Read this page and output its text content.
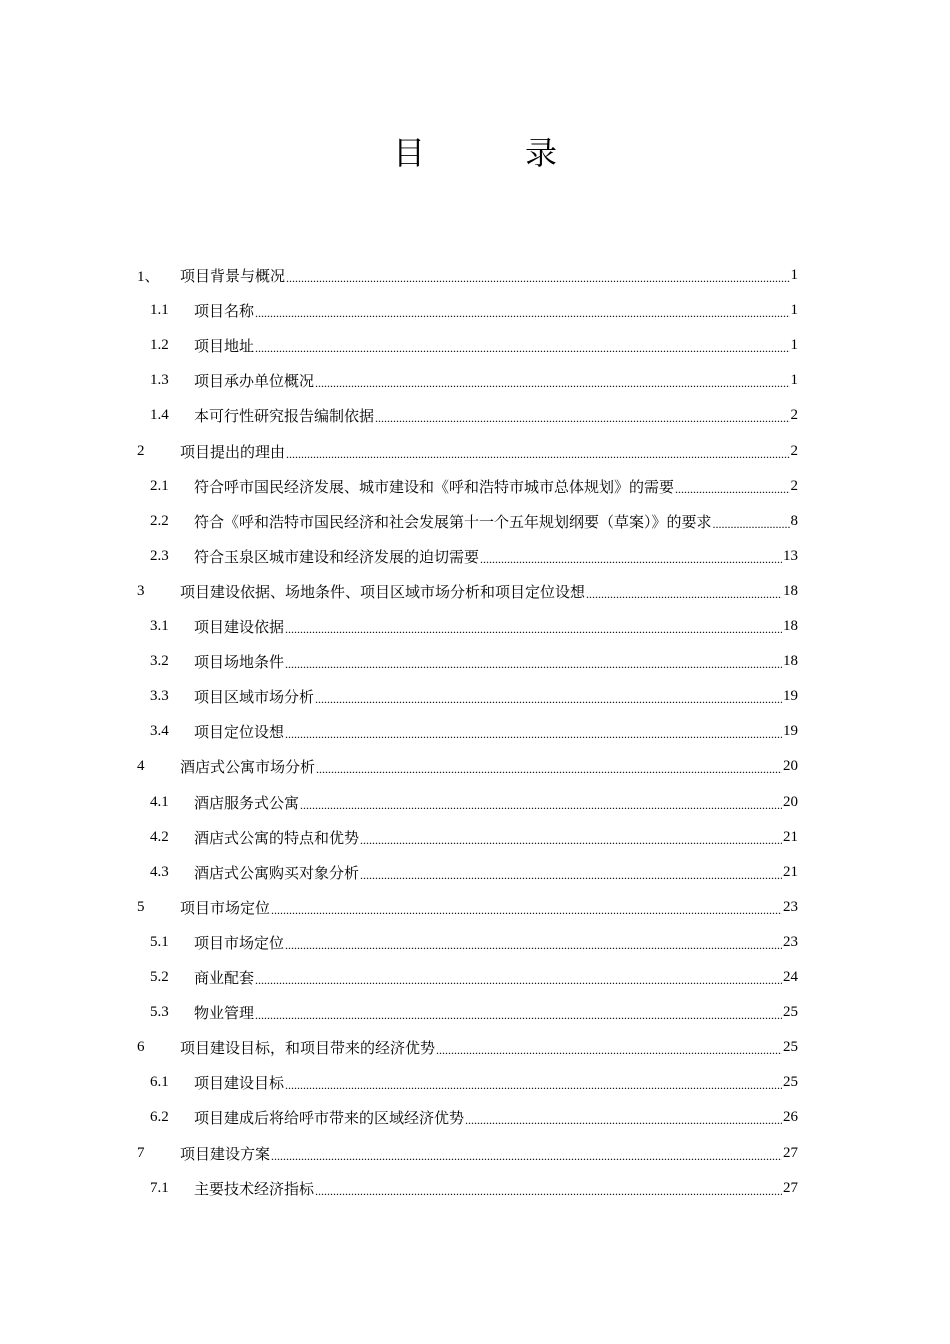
目	录
1、	项目背景与概况 .....	1
1.1	项目名称 .....	1
1.2	项目地址 .....	1
1.3	项目承办单位概况 .....	1
1.4	本可行性研究报告编制依据 .....	2
2	项目提出的理由 .....	2
2.1	符合呼市国民经济发展、城市建设和《呼和浩特市城市总体规划》的需要 .....	2
2.2	符合《呼和浩特市国民经济和社会发展第十一个五年规划纲要（草案）》的要求 .....	8
2.3	符合玉泉区城市建设和经济发展的迫切需要 .....	13
3	项目建设依据、场地条件、项目区域市场分析和项目定位设想 .....	18
3.1	项目建设依据 .....	18
3.2	项目场地条件 .....	18
3.3	项目区域市场分析 .....	19
3.4	项目定位设想 .....	19
4	酒店式公寓市场分析 .....	20
4.1	酒店服务式公寓 .....	20
4.2	酒店式公寓的特点和优势 .....	21
4.3	酒店式公寓购买对象分析 .....	21
5	项目市场定位 .....	23
5.1	项目市场定位 .....	23
5.2	商业配套 .....	24
5.3	物业管理 .....	25
6	项目建设目标，和项目带来的经济优势 .....	25
6.1	项目建设目标 .....	25
6.2	项目建成后将给呼市带来的区域经济优势 .....	26
7	项目建设方案 .....	27
7.1	主要技术经济指标 .....	27
